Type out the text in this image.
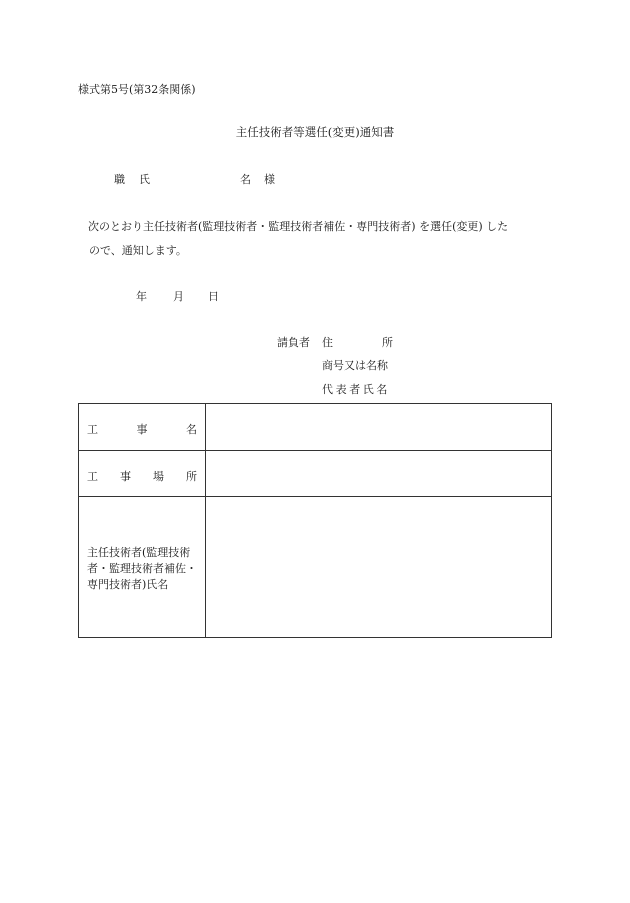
様式第5号(第32条関係)
主任技術者等選任(変更)通知書
職 氏	名 様
次のとおり主任技術者(監理技術者・監理技術者補佐・専門技術者) を選任(変更) した
ので、通知します。
年 月 日
請負者 住	所
商号又は名称
代表者氏名
工	事	名
工 事 場 所
主任技術者(監理技術
者・監理技術者補佐・
専門技術者)氏名
